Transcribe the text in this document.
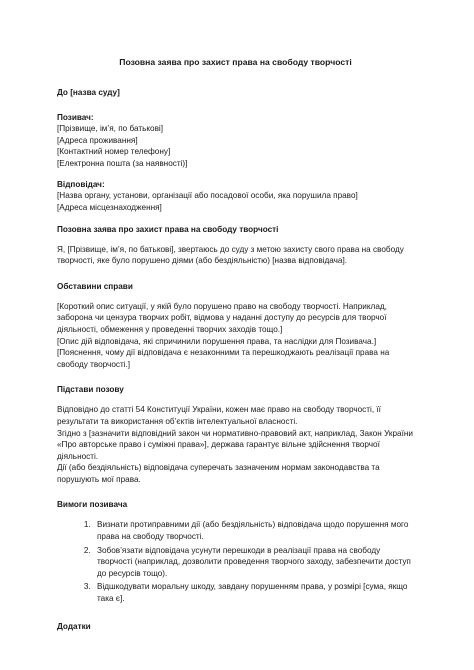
Позовна заява про захист права на свободу творчості

До [назва суду]

Позивач:

[Прізвище, ім’я, по батькові]

[Адреса проживання]

[Контактний номер телефону]

[Електронна пошта (за наявності)]

Відповідач:

[Назва органу, установи, організації або посадової особи, яка порушила право]

[Адреса місцезнаходження]

Позовна заява про захист права на свободу творчості

Я, [Прізвище, ім’я, по батькові], звертаюсь до суду з метою захисту свого права на свободу творчості, яке було порушено діями (або бездіяльністю) [назва відповідача].

Обставини справи

[Короткий опис ситуації, у якій було порушено право на свободу творчості. Наприклад, заборона чи цензура творчих робіт, відмова у наданні доступу до ресурсів для творчої діяльності, обмеження у проведенні творчих заходів тощо.]

[Опис дій відповідача, які спричинили порушення права, та наслідки для Позивача.]

[Пояснення, чому дії відповідача є незаконними та перешкоджають реалізації права на свободу творчості.]

Підстави позову

Відповідно до статті 54 Конституції України, кожен має право на свободу творчості, її результати та використання об’єктів інтелектуальної власності.

Згідно з [зазначити відповідний закон чи нормативно-правовий акт, наприклад, Закон України «Про авторське право і суміжні права»], держава гарантує вільне здійснення творчої діяльності.

Дії (або бездіяльність) відповідача суперечать зазначеним нормам законодавства та порушують мої права.

Вимоги позивача

1. Визнати протиправними дії (або бездіяльність) відповідача щодо порушення мого права на свободу творчості.
2. Зобов’язати відповідача усунути перешкоди в реалізації права на свободу творчості (наприклад, дозволити проведення творчого заходу, забезпечити доступ до ресурсів тощо).
3. Відшкодувати моральну шкоду, завдану порушенням права, у розмірі [сума, якщо така є].

Додатки
